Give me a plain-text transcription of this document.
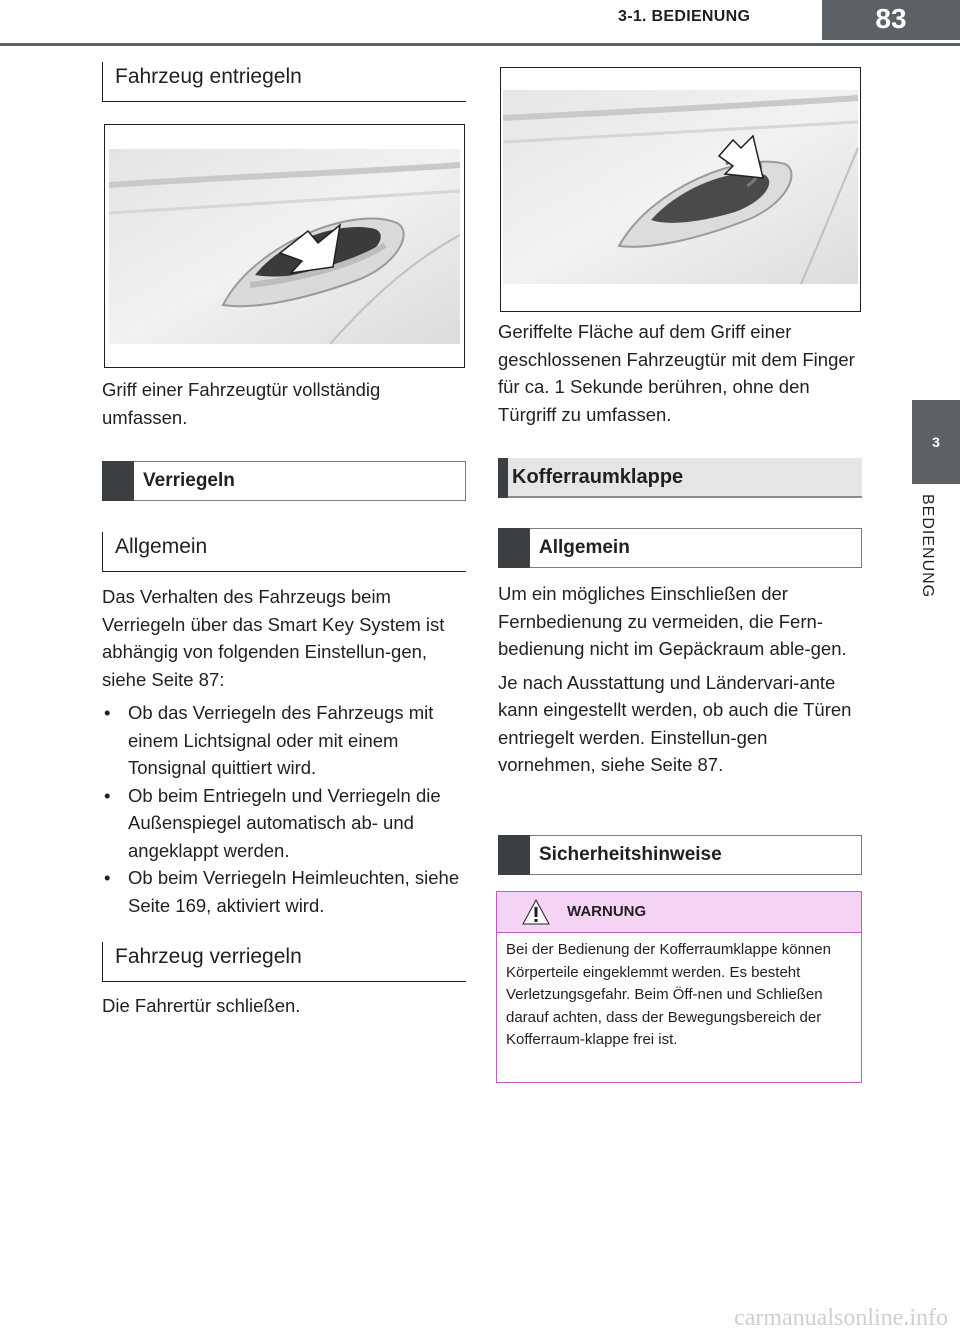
3-1. BEDIENUNG	83
3
BEDIENUNG
Fahrzeug entriegeln
Griff einer Fahrzeugtür vollständig umfassen.
Verriegeln
Allgemein

Das Verhalten des Fahrzeugs beim Verriegeln über das Smart Key System ist abhängig von folgenden Einstellun-gen, siehe Seite 87:

• Ob das Verriegeln des Fahrzeugs mit einem Lichtsignal oder mit einem Tonsignal quittiert wird.
• Ob beim Entriegeln und Verriegeln die Außenspiegel automatisch ab- und angeklappt werden.
• Ob beim Verriegeln Heimleuchten, siehe Seite 169, aktiviert wird.
Fahrzeug verriegeln
Die Fahrertür schließen.
Geriffelte Fläche auf dem Griff einer geschlossenen Fahrzeugtür mit dem Finger für ca. 1 Sekunde berühren, ohne den Türgriff zu umfassen.
Kofferraumklappe
Allgemein

Um ein mögliches Einschließen der Fernbedienung zu vermeiden, die Fern-bedienung nicht im Gepäckraum able-gen.

Je nach Ausstattung und Ländervari-ante kann eingestellt werden, ob auch die Türen entriegelt werden. Einstellun-gen vornehmen, siehe Seite 87.

Sicherheitshinweise
WARNUNG
Bei der Bedienung der Kofferraumklappe können Körperteile eingeklemmt werden. Es besteht Verletzungsgefahr. Beim Öff-nen und Schließen darauf achten, dass der Bewegungsbereich der Kofferraum-klappe frei ist.
carmanualsonline.info
